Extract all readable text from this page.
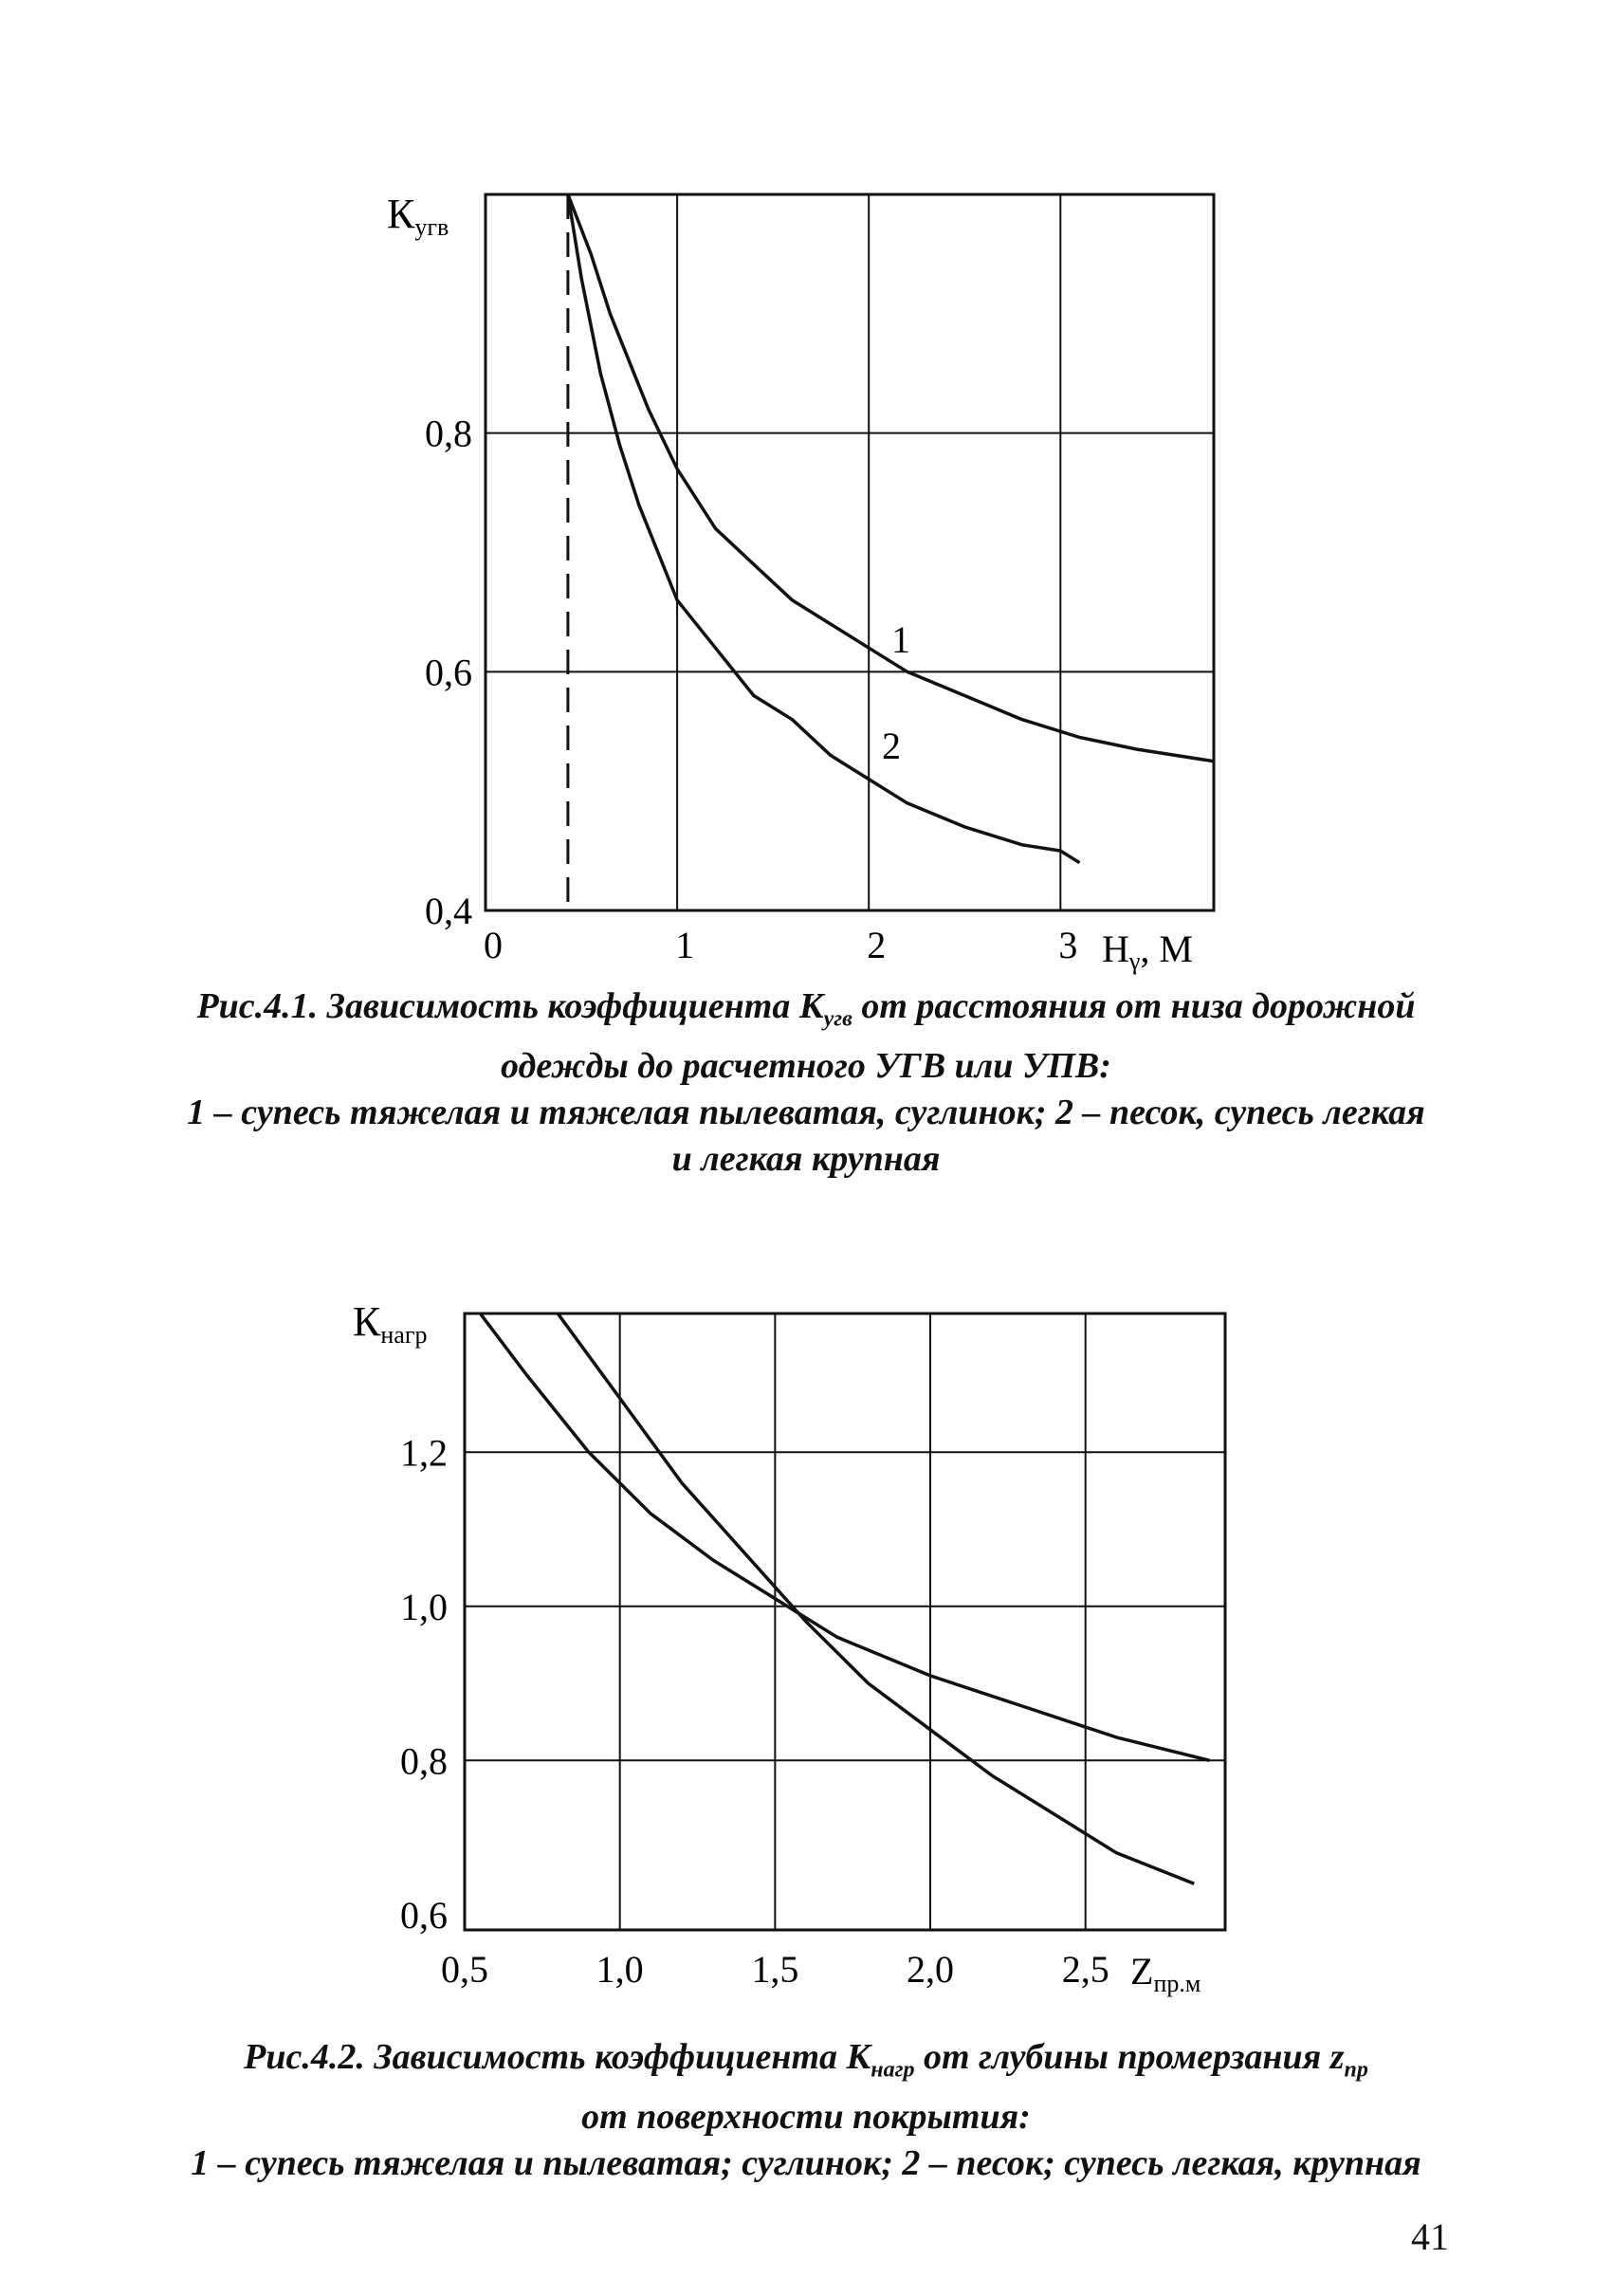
1
2
0,8
0,6
0,4
0	1	2	3
Кугв
$H_\gamma$, М
1,2
1,0
0,8
0,6
0,5	1,0	1,5	2,0	2,5
Кнагр
$Z_{пр.м}$
Рис.4.1. Зависимость коэффициента $К_{угв}$ от расстояния от низа дорожной
одежды до расчетного УГВ или УПВ:
1 – супесь тяжелая и тяжелая пылеватая, суглинок; 2 – песок, супесь легкая
и легкая крупная
Рис.4.2. Зависимость коэффициента $К_{нагр}$ от глубины промерзания $z_{пр}$
от поверхности покрытия:
1 – супесь тяжелая и пылеватая; суглинок; 2 – песок; супесь легкая, крупная
41
